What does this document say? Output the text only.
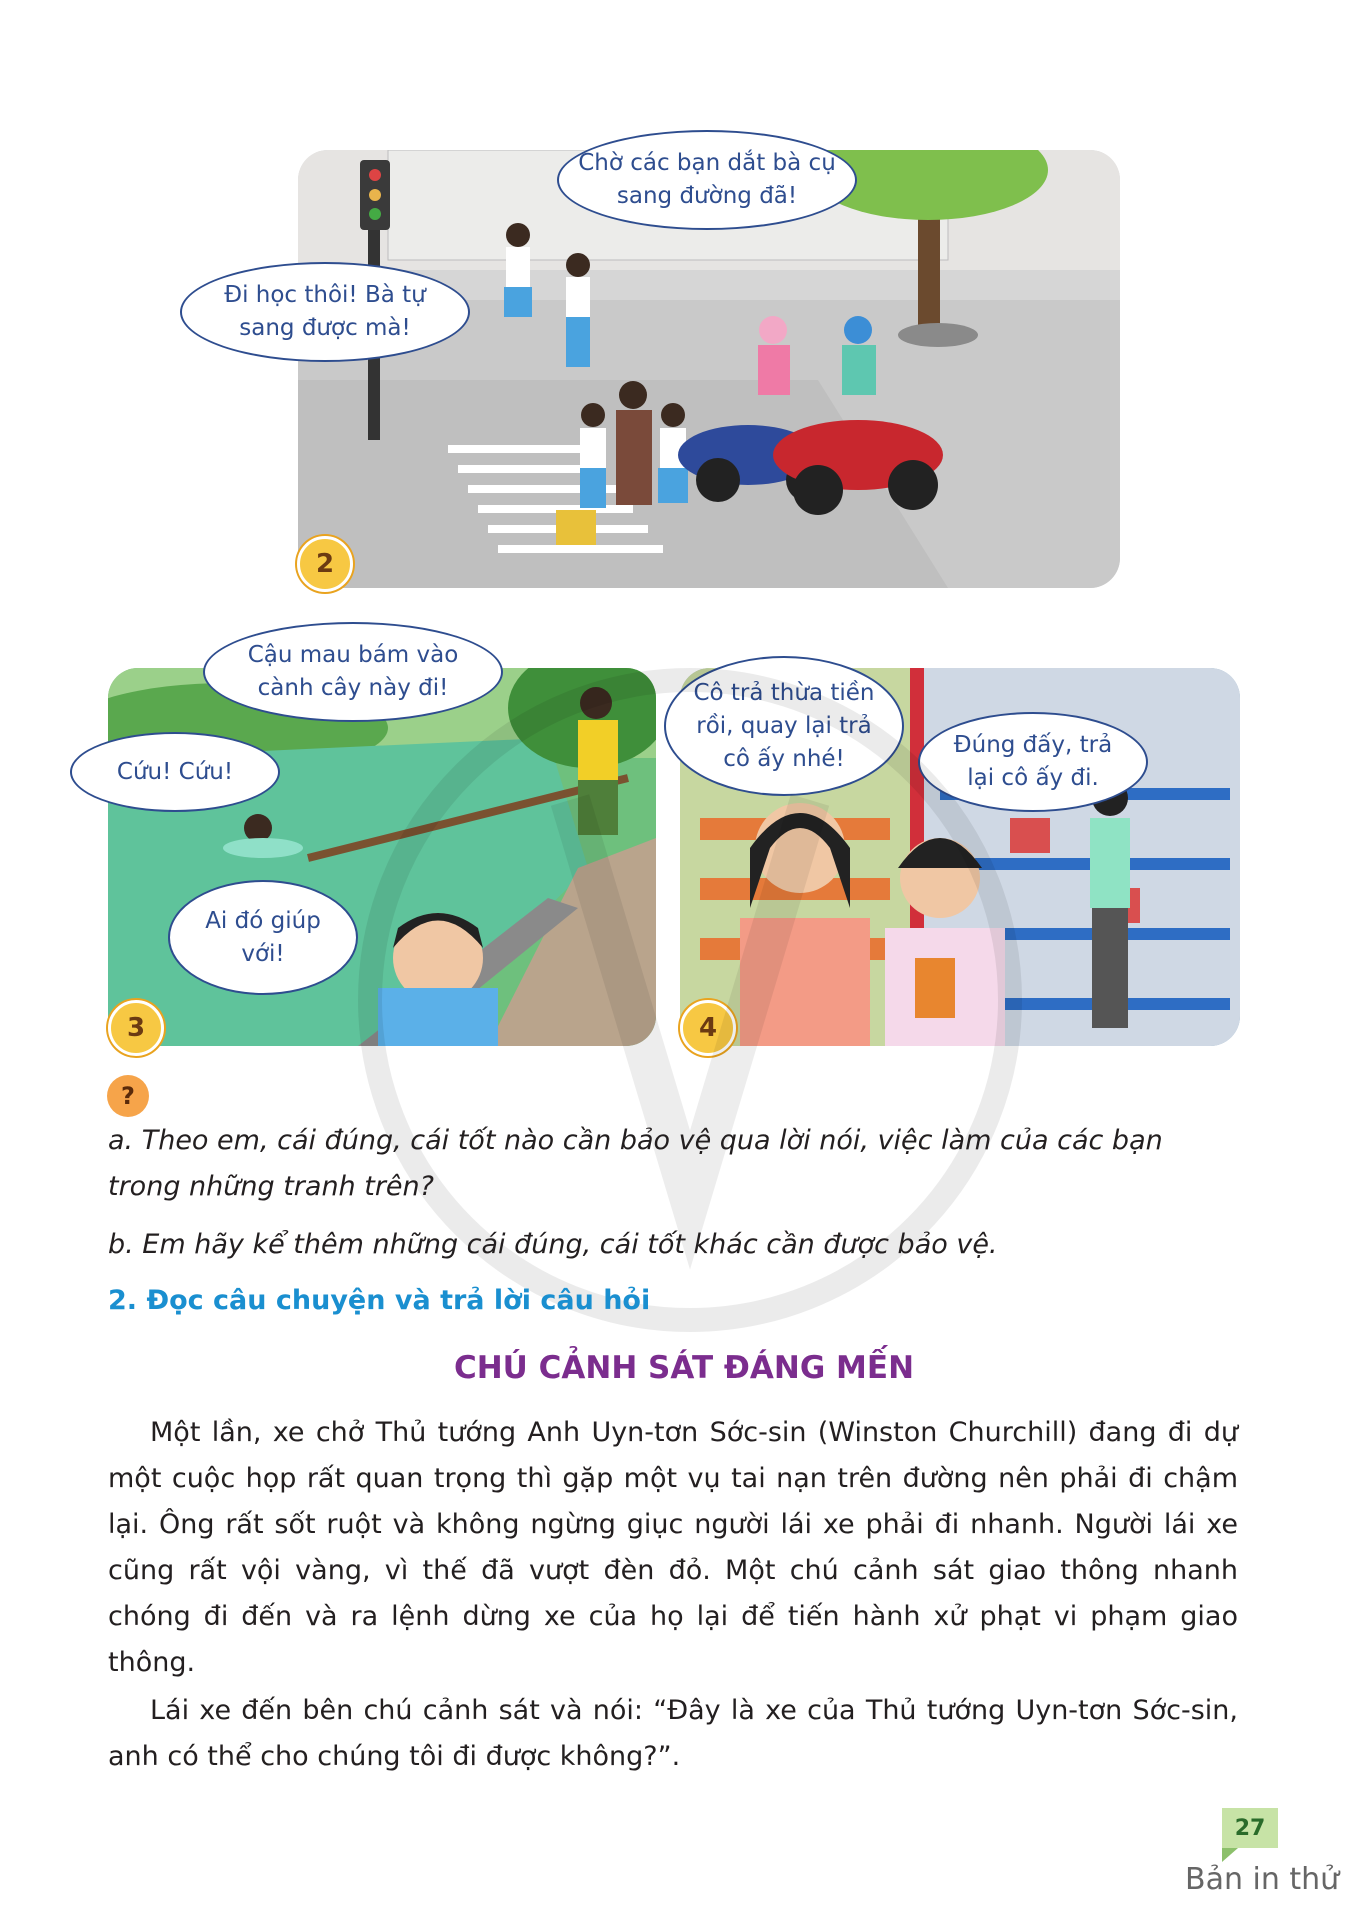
Đi học thôi! Bà tự sang được mà!
Chờ các bạn dắt bà cụ sang đường đã!
2
Cậu mau bám vào cành cây này đi!
Cứu! Cứu!
Ai đó giúp với!
3
Cô trả thừa tiền rồi, quay lại trả cô ấy nhé!
Đúng đấy, trả lại cô ấy đi.
4
?
a. Theo em, cái đúng, cái tốt nào cần bảo vệ qua lời nói, việc làm của các bạn trong những tranh trên?
b. Em hãy kể thêm những cái đúng, cái tốt khác cần được bảo vệ.
2. Đọc câu chuyện và trả lời câu hỏi
CHÚ CẢNH SÁT ĐÁNG MẾN
Một lần, xe chở Thủ tướng Anh Uyn-tơn Sớc-sin (Winston Churchill) đang đi dự một cuộc họp rất quan trọng thì gặp một vụ tai nạn trên đường nên phải đi chậm lại. Ông rất sốt ruột và không ngừng giục người lái xe phải đi nhanh. Người lái xe cũng rất vội vàng, vì thế đã vượt đèn đỏ. Một chú cảnh sát giao thông nhanh chóng đi đến và ra lệnh dừng xe của họ lại để tiến hành xử phạt vi phạm giao thông.
Lái xe đến bên chú cảnh sát và nói: “Đây là xe của Thủ tướng Uyn-tơn Sớc-sin, anh có thể cho chúng tôi đi được không?”.
27
Bản in thử
